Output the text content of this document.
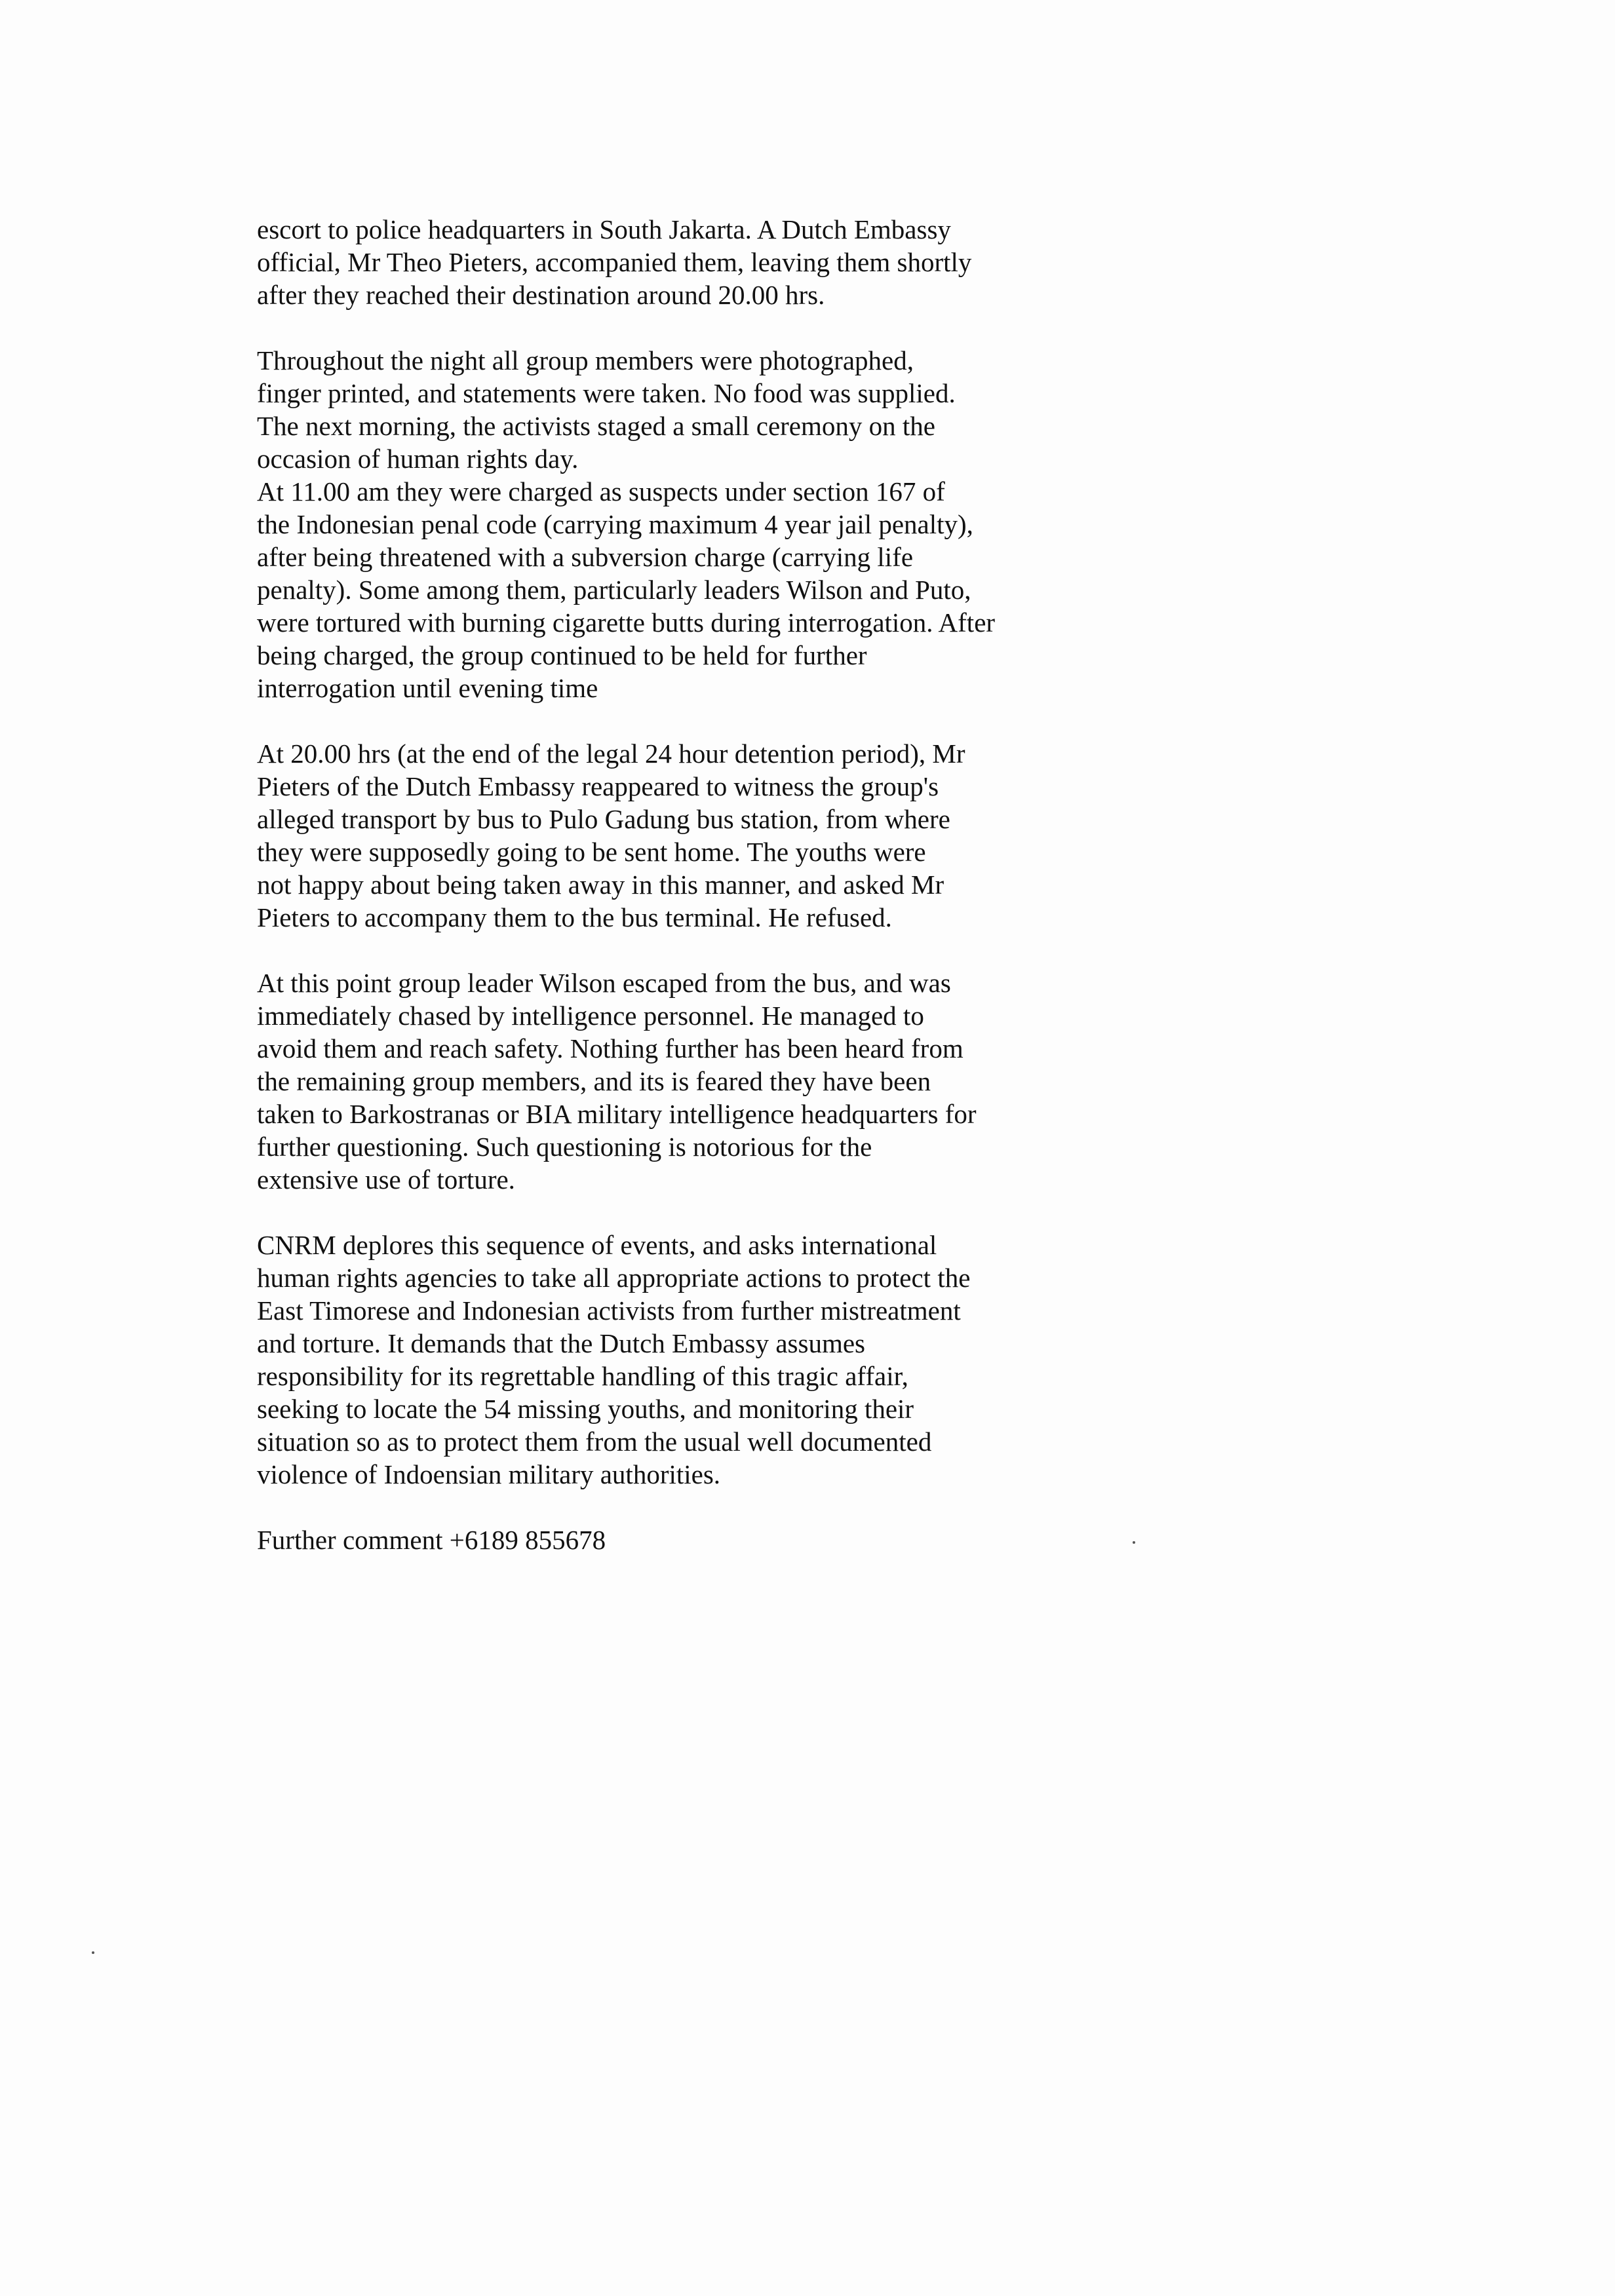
escort to police headquarters in South Jakarta. A Dutch Embassy
official, Mr Theo Pieters, accompanied them, leaving them shortly
after they reached their destination around 20.00 hrs.

Throughout the night all group members were photographed,
finger printed, and statements were taken. No food was supplied.
The next morning, the activists staged a small ceremony on the
occasion of human rights day.
At 11.00 am they were charged as suspects under section 167 of
the Indonesian penal code (carrying maximum 4 year jail penalty),
after being threatened with a subversion charge (carrying life
penalty). Some among them, particularly leaders Wilson and Puto,
were tortured with burning cigarette butts during interrogation. After
being charged, the group continued to be held for further
interrogation until evening time

At 20.00 hrs (at the end of the legal 24 hour detention period), Mr
Pieters of the Dutch Embassy reappeared to witness the group's
alleged transport by bus to Pulo Gadung bus station, from where
they were supposedly going to be sent home. The youths were
not happy about being taken away in this manner, and asked Mr
Pieters to accompany them to the bus terminal. He refused.

At this point group leader Wilson escaped from the bus, and was
immediately chased by intelligence personnel. He managed to
avoid them and reach safety. Nothing further has been heard from
the remaining group members, and its is feared they have been
taken to Barkostranas or BIA military intelligence headquarters for
further questioning. Such questioning is notorious for the
extensive use of torture.

CNRM deplores this sequence of events, and asks international
human rights agencies to take all appropriate actions to protect the
East Timorese and Indonesian activists from further mistreatment
and torture. It demands that the Dutch Embassy assumes
responsibility for its regrettable handling of this tragic affair,
seeking to locate the 54 missing youths, and monitoring their
situation so as to protect them from the usual well documented
violence of Indoensian military authorities.

Further comment +6189 855678
